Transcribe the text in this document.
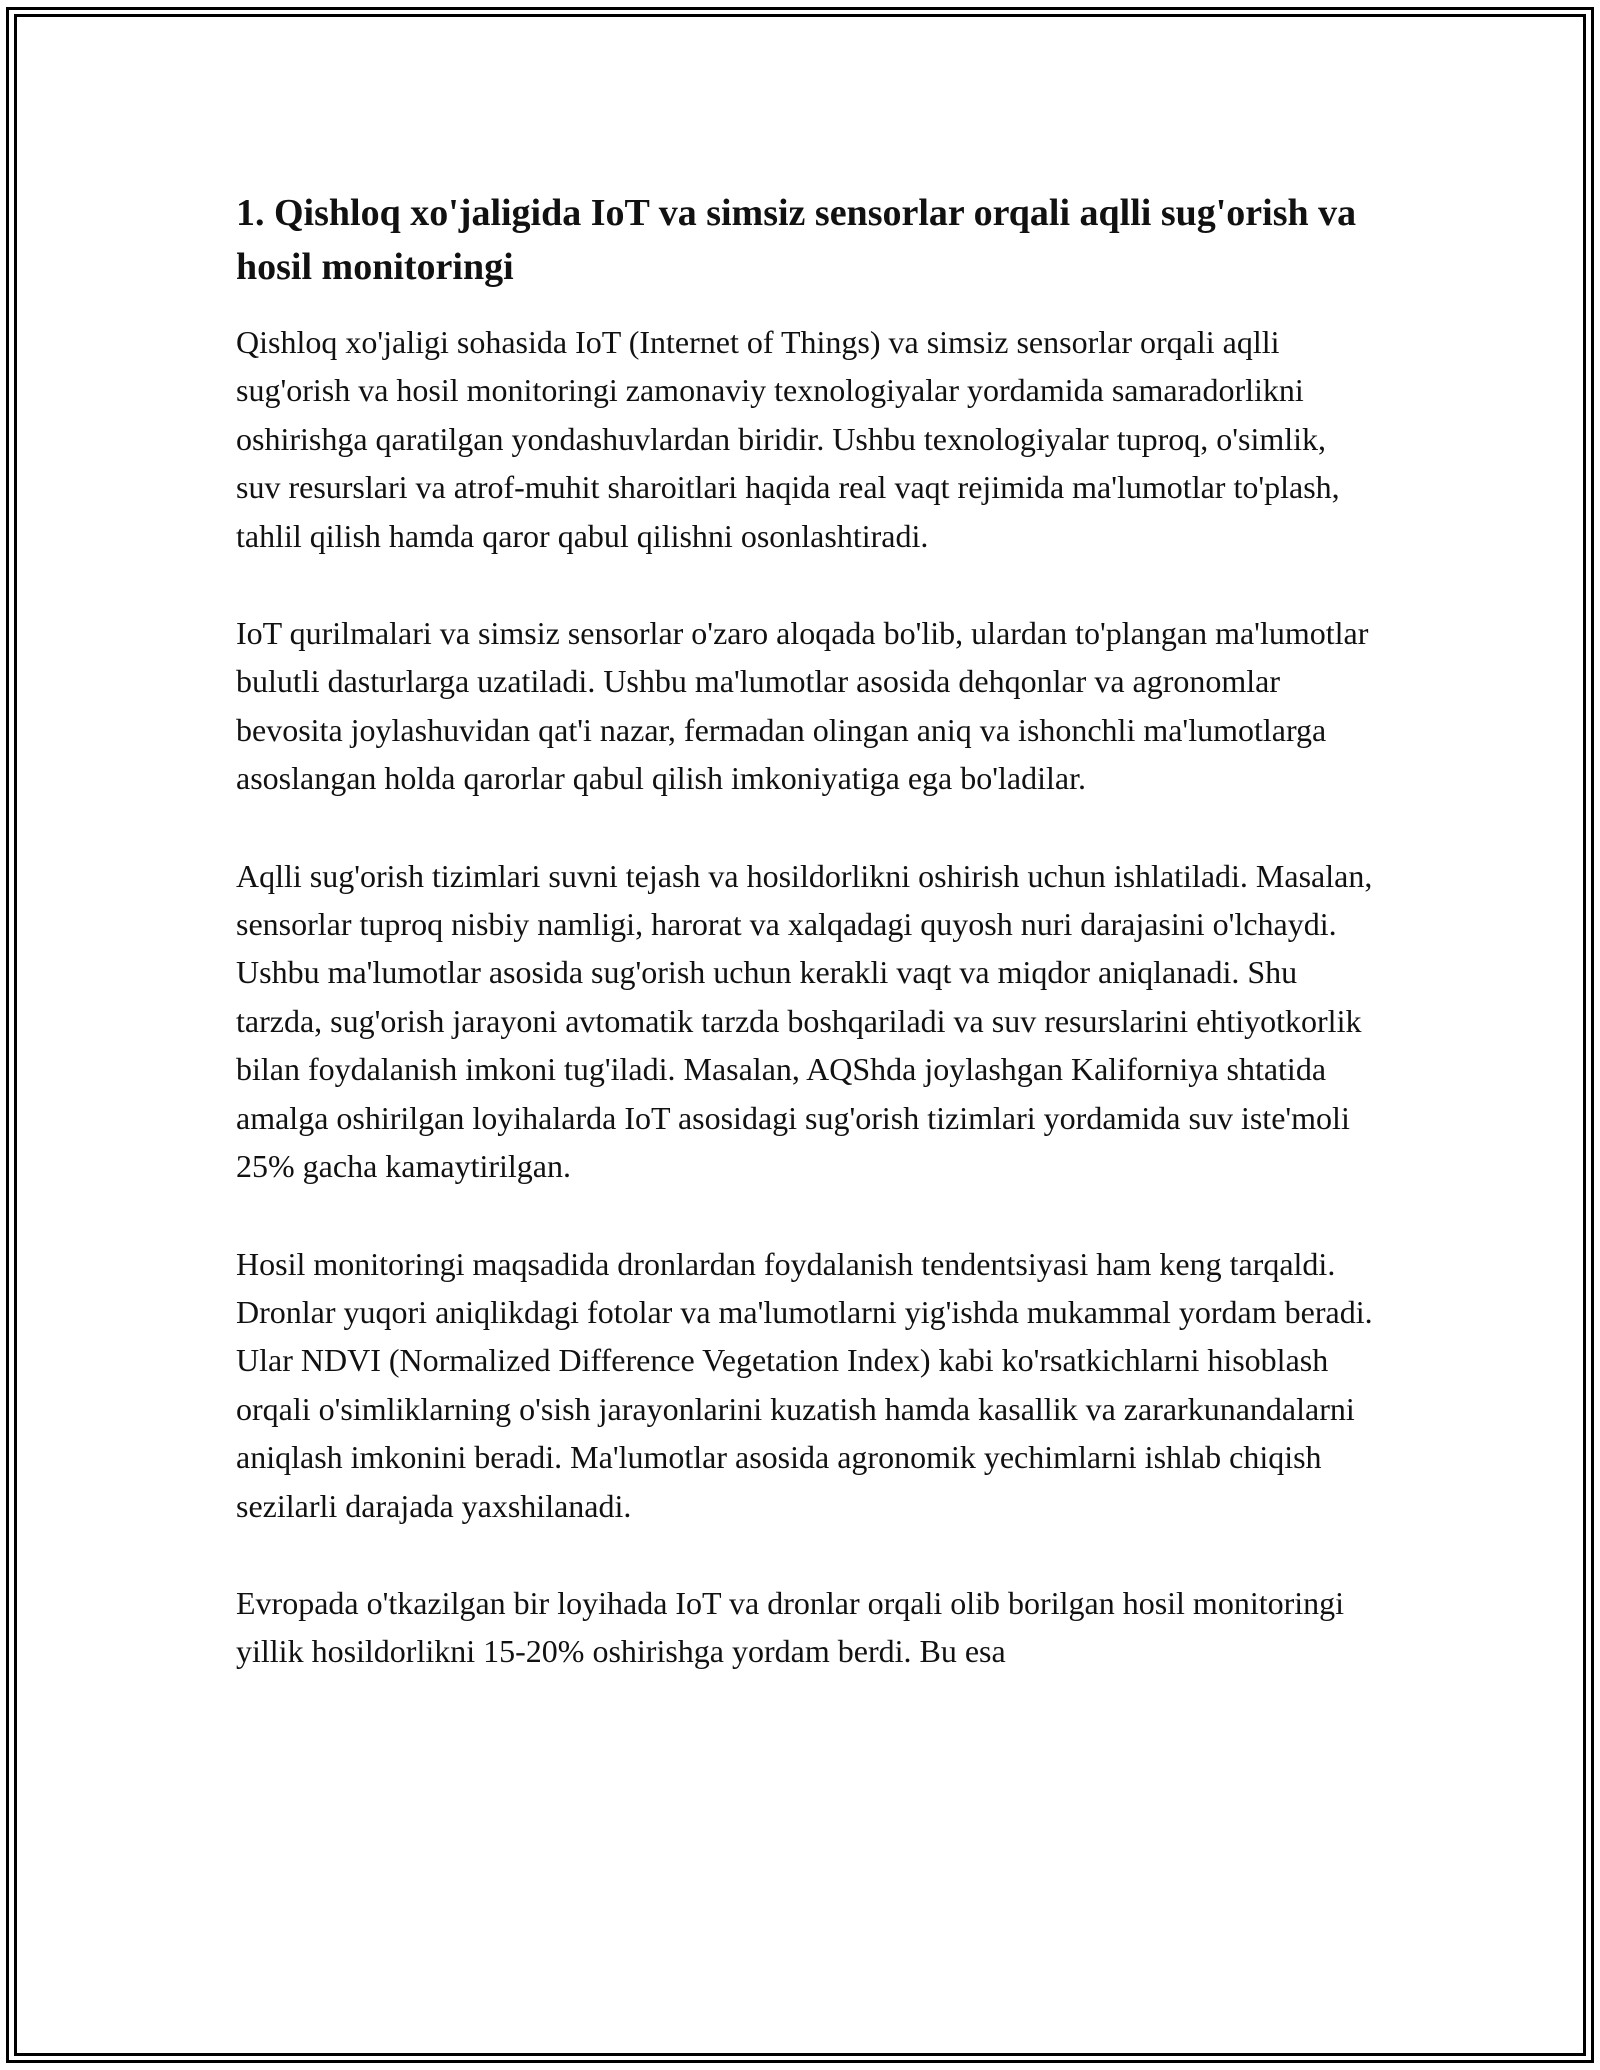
1. Qishloq xo'jaligida IoT va simsiz sensorlar orqali aqlli sug'orish va hosil monitoringi

Qishloq xo'jaligi sohasida IoT (Internet of Things) va simsiz sensorlar orqali aqlli sug'orish va hosil monitoringi zamonaviy texnologiyalar yordamida samaradorlikni oshirishga qaratilgan yondashuvlardan biridir. Ushbu texnologiyalar tuproq, o'simlik, suv resurslari va atrof-muhit sharoitlari haqida real vaqt rejimida ma'lumotlar to'plash, tahlil qilish hamda qaror qabul qilishni osonlashtiradi.

IoT qurilmalari va simsiz sensorlar o'zaro aloqada bo'lib, ulardan to'plangan ma'lumotlar bulutli dasturlarga uzatiladi. Ushbu ma'lumotlar asosida dehqonlar va agronomlar bevosita joylashuvidan qat'i nazar, fermadan olingan aniq va ishonchli ma'lumotlarga asoslangan holda qarorlar qabul qilish imkoniyatiga ega bo'ladilar.

Aqlli sug'orish tizimlari suvni tejash va hosildorlikni oshirish uchun ishlatiladi. Masalan, sensorlar tuproq nisbiy namligi, harorat va xalqadagi quyosh nuri darajasini o'lchaydi. Ushbu ma'lumotlar asosida sug'orish uchun kerakli vaqt va miqdor aniqlanadi. Shu tarzda, sug'orish jarayoni avtomatik tarzda boshqariladi va suv resurslarini ehtiyotkorlik bilan foydalanish imkoni tug'iladi. Masalan, AQShda joylashgan Kaliforniya shtatida amalga oshirilgan loyihalarda IoT asosidagi sug'orish tizimlari yordamida suv iste'moli 25% gacha kamaytirilgan.

Hosil monitoringi maqsadida dronlardan foydalanish tendentsiyasi ham keng tarqaldi. Dronlar yuqori aniqlikdagi fotolar va ma'lumotlarni yig'ishda mukammal yordam beradi. Ular NDVI (Normalized Difference Vegetation Index) kabi ko'rsatkichlarni hisoblash orqali o'simliklarning o'sish jarayonlarini kuzatish hamda kasallik va zararkunandalarni aniqlash imkonini beradi. Ma'lumotlar asosida agronomik yechimlarni ishlab chiqish sezilarli darajada yaxshilanadi.

Evropada o'tkazilgan bir loyihada IoT va dronlar orqali olib borilgan hosil monitoringi yillik hosildorlikni 15-20% oshirishga yordam berdi. Bu esa
